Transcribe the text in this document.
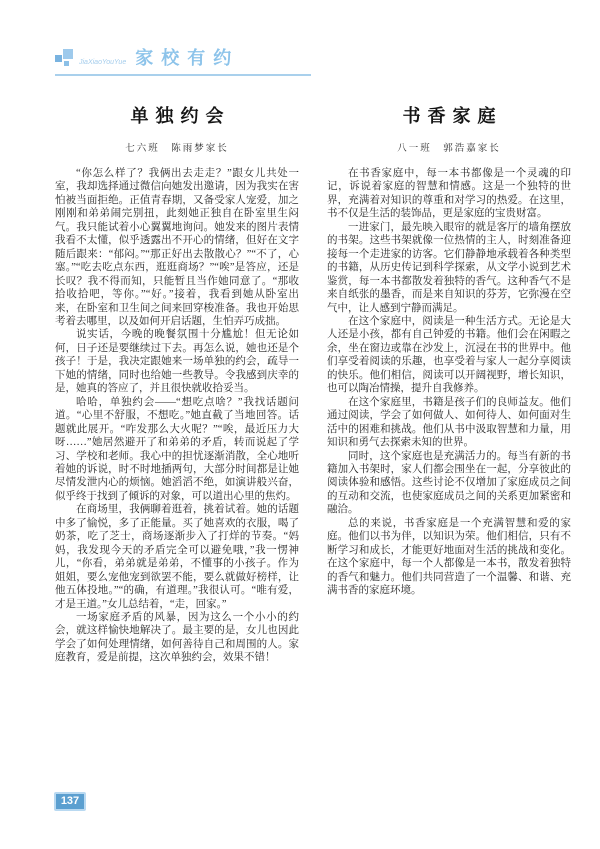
JiaXiaoYouYue 家校有约
单独约会
七六班　陈雨梦家长

“你怎么样了？我俩出去走走？”跟女儿共处一室，我却选择通过微信向她发出邀请，因为我实在害怕被当面拒绝。正值青春期，又备受家人宠爱，加之刚刚和弟弟闹完别扭，此刻她正独自在卧室里生闷气。我只能试着小心翼翼地询问。她发来的图片表情我看不太懂，似乎透露出不开心的情绪，但好在文字随后跟来：“郁闷。”“那正好出去散散心？”“不了，心塞。”“吃去吃点东西，逛逛商场？”“唉”是答应，还是长叹？我不得而知，只能暂且当作她同意了。“那收拾收拾吧，等你。”“好。”接着，我看到她从卧室出来，在卧室和卫生间之间来回穿梭准备。我也开始思考着去哪里，以及如何开启话题，生怕弄巧成拙。

说实话，今晚的晚餐氛围十分尴尬！但无论如何，日子还是要继续过下去。再怎么说，她也还是个孩子！于是，我决定跟她来一场单独的约会，疏导一下她的情绪，同时也给她一些教导。令我感到庆幸的是，她真的答应了，并且很快就收拾妥当。

哈哈，单独约会——“想吃点啥？”我找话题问道。“心里不舒服，不想吃。”她直截了当地回答。话题就此展开。“咋发那么大火呢？”“唉，最近压力大呀……”她居然避开了和弟弟的矛盾，转而说起了学习、学校和老师。我心中的担忧逐渐消散，全心地听着她的诉说，时不时地插两句，大部分时间都是让她尽情发泄内心的烦恼。她滔滔不绝，如演讲般兴奋，似乎终于找到了倾诉的对象，可以道出心里的焦灼。

在商场里，我俩聊着逛着，挑着试着。她的话题中多了愉悦，多了正能量。买了她喜欢的衣服，喝了奶茶，吃了芝士，商场逐渐步入了打烊的节奏。“妈妈，我发现今天的矛盾完全可以避免哦，”我一愣神儿，“你看，弟弟就是弟弟，不懂事的小孩子。作为姐姐，要么宠他宠到欲罢不能，要么就做好榜样，让他五体投地。”“的确，有道理。”我很认可。“唯有爱，才是王道。”女儿总结着，“走，回家。”

一场家庭矛盾的风暴，因为这么一个小小的约会，就这样愉快地解决了。最主要的是，女儿也因此学会了如何处理情绪，如何善待自己和周围的人。家庭教育，爱是前提，这次单独约会，效果不错！

书香家庭
八一班　郭浩嘉家长

在书香家庭中，每一本书都像是一个灵魂的印记，诉说着家庭的智慧和情感。这是一个独特的世界，充满着对知识的尊重和对学习的热爱。在这里，书不仅是生活的装饰品，更是家庭的宝贵财富。

一进家门，最先映入眼帘的就是客厅的墙角摆放的书架。这些书架就像一位热情的主人，时刻准备迎接每一个走进家的访客。它们静静地承载着各种类型的书籍，从历史传记到科学探索，从文学小说到艺术鉴赏，每一本书都散发着独特的香气。这种香气不是来自纸张的墨香，而是来自知识的芬芳，它弥漫在空气中，让人感到宁静而满足。

在这个家庭中，阅读是一种生活方式。无论是大人还是小孩，都有自己钟爱的书籍。他们会在闲暇之余，坐在窗边或靠在沙发上，沉浸在书的世界中。他们享受着阅读的乐趣，也享受着与家人一起分享阅读的快乐。他们相信，阅读可以开阔视野，增长知识，也可以陶冶情操，提升自我修养。

在这个家庭里，书籍是孩子们的良师益友。他们通过阅读，学会了如何做人、如何待人、如何面对生活中的困难和挑战。他们从书中汲取智慧和力量，用知识和勇气去探索未知的世界。

同时，这个家庭也是充满活力的。每当有新的书籍加入书架时，家人们都会围坐在一起，分享彼此的阅读体验和感悟。这些讨论不仅增加了家庭成员之间的互动和交流，也使家庭成员之间的关系更加紧密和融洽。

总的来说，书香家庭是一个充满智慧和爱的家庭。他们以书为伴，以知识为荣。他们相信，只有不断学习和成长，才能更好地面对生活的挑战和变化。在这个家庭中，每一个人都像是一本书，散发着独特的香气和魅力。他们共同营造了一个温馨、和谐、充满书香的家庭环境。

137
